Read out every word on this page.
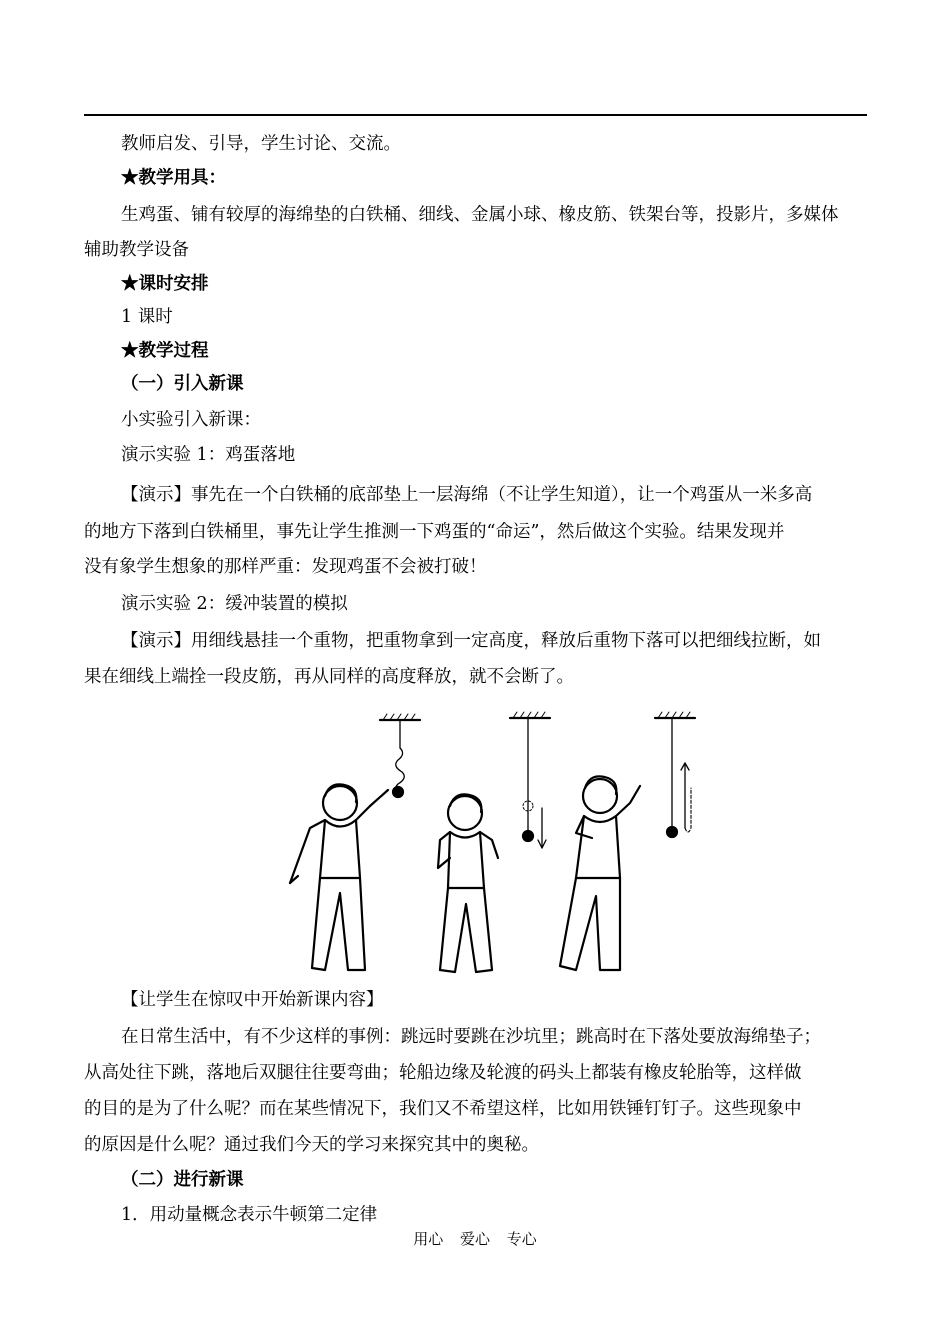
教师启发、引导，学生讨论、交流。
★教学用具：
生鸡蛋、铺有较厚的海绵垫的白铁桶、细线、金属小球、橡皮筋、铁架台等，投影片，多媒体
辅助教学设备
★课时安排
1 课时
★教学过程
（一）引入新课
小实验引入新课：
演示实验 1：鸡蛋落地
【演示】事先在一个白铁桶的底部垫上一层海绵（不让学生知道），让一个鸡蛋从一米多高
的地方下落到白铁桶里，事先让学生推测一下鸡蛋的“命运”，然后做这个实验。结果发现并
没有象学生想象的那样严重：发现鸡蛋不会被打破！
演示实验 2：缓冲装置的模拟
【演示】用细线悬挂一个重物，把重物拿到一定高度，释放后重物下落可以把细线拉断，如
果在细线上端拴一段皮筋，再从同样的高度释放，就不会断了。
【让学生在惊叹中开始新课内容】
在日常生活中，有不少这样的事例：跳远时要跳在沙坑里；跳高时在下落处要放海绵垫子；
从高处往下跳，落地后双腿往往要弯曲；轮船边缘及轮渡的码头上都装有橡皮轮胎等，这样做
的目的是为了什么呢？而在某些情况下，我们又不希望这样，比如用铁锤钉钉子。这些现象中
的原因是什么呢？通过我们今天的学习来探究其中的奥秘。
（二）进行新课
1．用动量概念表示牛顿第二定律
用心 爱心 专心
